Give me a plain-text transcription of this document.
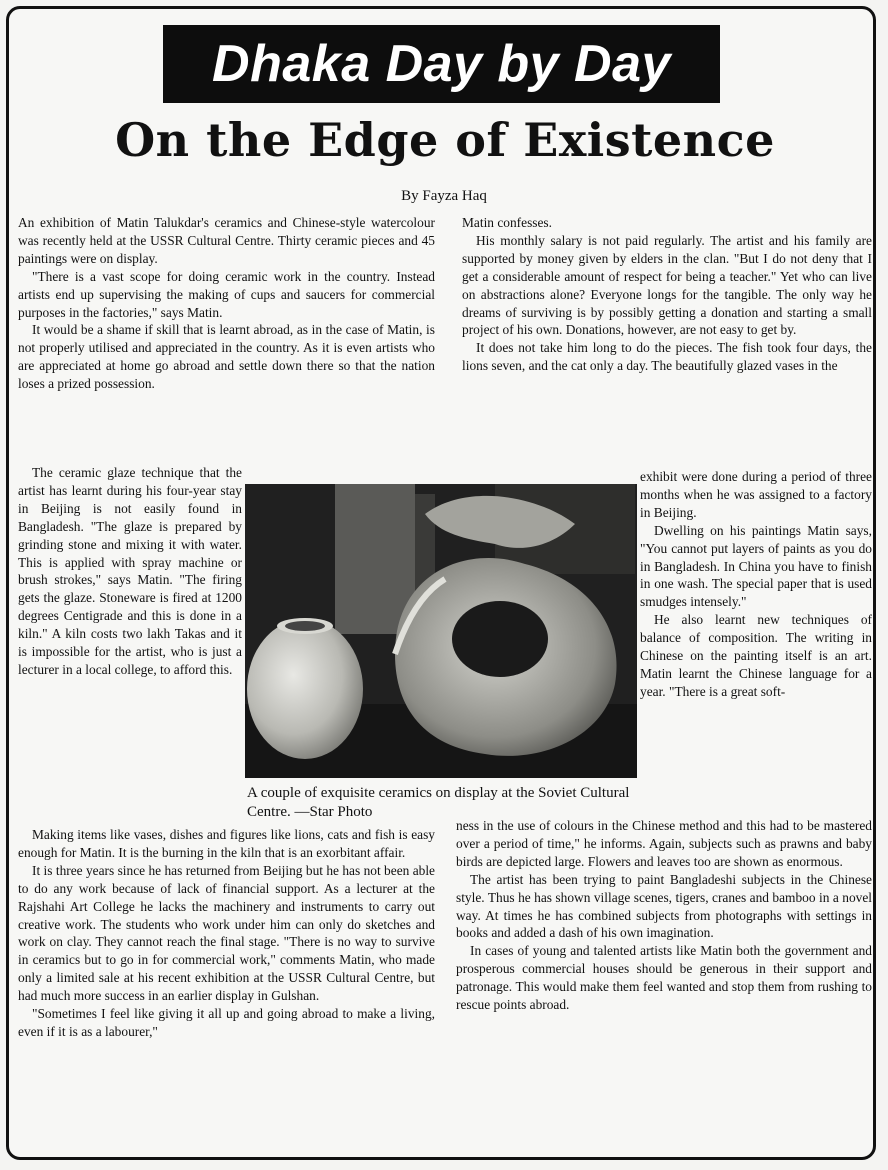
Dhaka Day by Day
On the Edge of Existence
By Fayza Haq

An exhibition of Matin Talukdar's ceramics and Chinese-style watercolour was recently held at the USSR Cultural Centre. Thirty ceramic pieces and 45 paintings were on display.

"There is a vast scope for doing ceramic work in the country. Instead artists end up supervising the making of cups and saucers for commercial purposes in the factories," says Matin.

It would be a shame if skill that is learnt abroad, as in the case of Matin, is not properly utilised and appreciated in the country. As it is even artists who are appreciated at home go abroad and settle down there so that the nation loses a prized possession.

The ceramic glaze technique that the artist has learnt during his four-year stay in Beijing is not easily found in Bangladesh. "The glaze is prepared by grinding stone and mixing it with water. This is applied with spray machine or brush strokes," says Matin. "The firing gets the glaze. Stoneware is fired at 1200 degrees Centigrade and this is done in a kiln." A kiln costs two lakh Takas and it is impossible for the artist, who is just a lecturer in a local college, to afford this.

Making items like vases, dishes and figures like lions, cats and fish is easy enough for Matin. It is the burning in the kiln that is an exorbitant affair.

It is three years since he has returned from Beijing but he has not been able to do any work because of lack of financial support. As a lecturer at the Rajshahi Art College he lacks the machinery and instruments to carry out creative work. The students who work under him can only do sketches and work on clay. They cannot reach the final stage. "There is no way to survive in ceramics but to go in for commercial work," comments Matin, who made only a limited sale at his recent exhibition at the USSR Cultural Centre, but had much more success in an earlier display in Gulshan.

"Sometimes I feel like giving it all up and going abroad to make a living, even if it is as a labourer,"

Matin confesses.

His monthly salary is not paid regularly. The artist and his family are supported by money given by elders in the clan. "But I do not deny that I get a considerable amount of respect for being a teacher." Yet who can live on abstractions alone? Everyone longs for the tangible. The only way he dreams of surviving is by possibly getting a donation and starting a small project of his own. Donations, however, are not easy to get by.

It does not take him long to do the pieces. The fish took four days, the lions seven, and the cat only a day. The beautifully glazed vases in the

exhibit were done during a period of three months when he was assigned to a factory in Beijing.

Dwelling on his paintings Matin says, "You cannot put layers of paints as you do in Bangladesh. In China you have to finish in one wash. The special paper that is used smudges intensely."

He also learnt new techniques of balance of composition. The writing in Chinese on the painting itself is an art. Matin learnt the Chinese language for a year. "There is a great soft-

ness in the use of colours in the Chinese method and this had to be mastered over a period of time," he informs. Again, subjects such as prawns and baby birds are depicted large. Flowers and leaves too are shown as enormous.

The artist has been trying to paint Bangladeshi subjects in the Chinese style. Thus he has shown village scenes, tigers, cranes and bamboo in a novel way. At times he has combined subjects from photographs with settings in books and added a dash of his own imagination.

In cases of young and talented artists like Matin both the government and prosperous commercial houses should be generous in their support and patronage. This would make them feel wanted and stop them from rushing to rescue points abroad.

A couple of exquisite ceramics on display at the Soviet Cultural Centre. —Star Photo
